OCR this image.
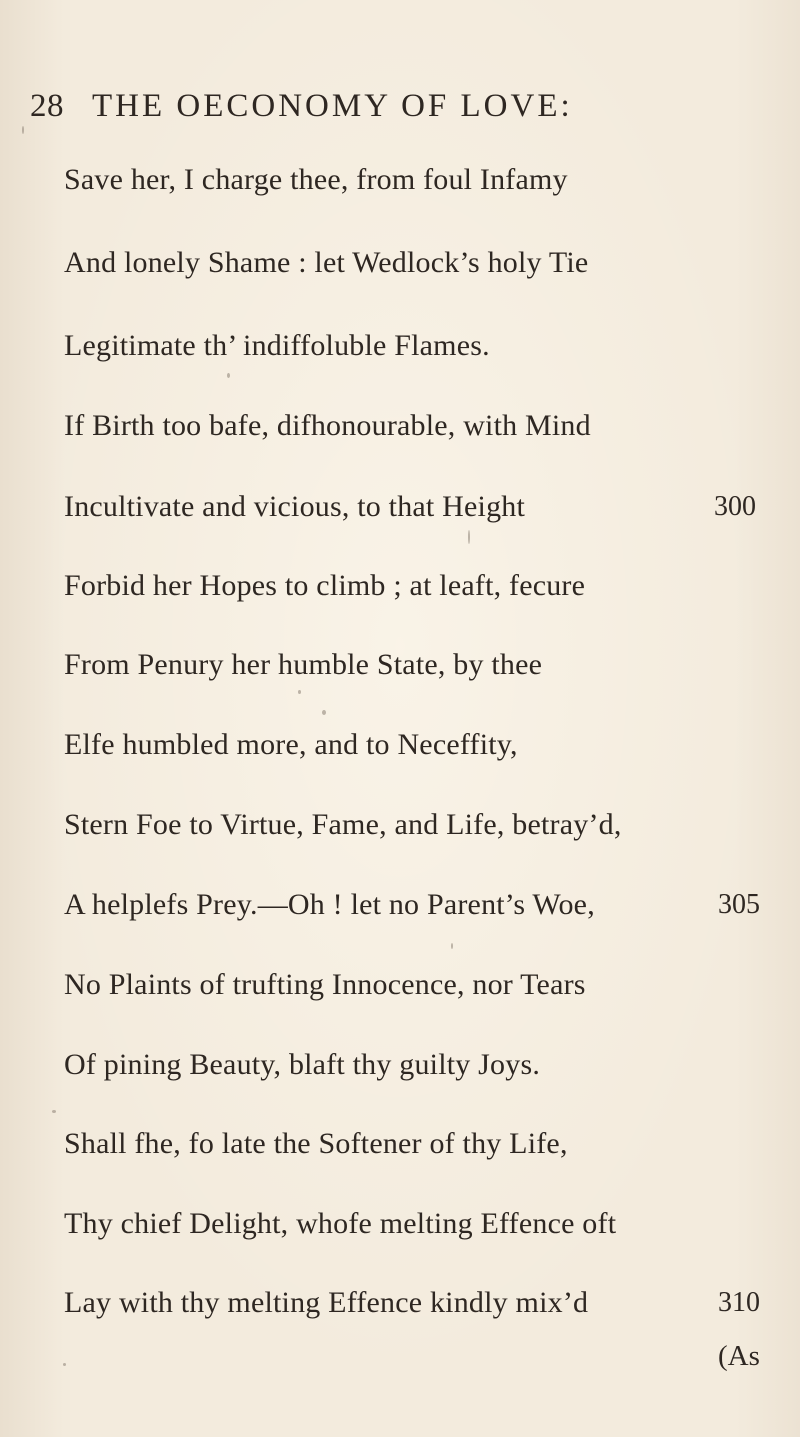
28 THE OECONOMY OF LOVE:
Save her, I charge thee, from foul Infamy
And lonely Shame : let Wedlock’s holy Tie
Legitimate th’ indiffoluble Flames.
If Birth too bafe, difhonourable, with Mind
Incultivate and vicious, to that Height
Forbid her Hopes to climb ; at leaft, fecure
From Penury her humble State, by thee
Elfe humbled more, and to Neceffity,
Stern Foe to Virtue, Fame, and Life, betray’d,
A helplefs Prey.—Oh ! let no Parent’s Woe,
No Plaints of trufting Innocence, nor Tears
Of pining Beauty, blaft thy guilty Joys.
Shall fhe, fo late the Softener of thy Life,
Thy chief Delight, whofe melting Effence oft
Lay with thy melting Effence kindly mix’d
300
305
310
(As
